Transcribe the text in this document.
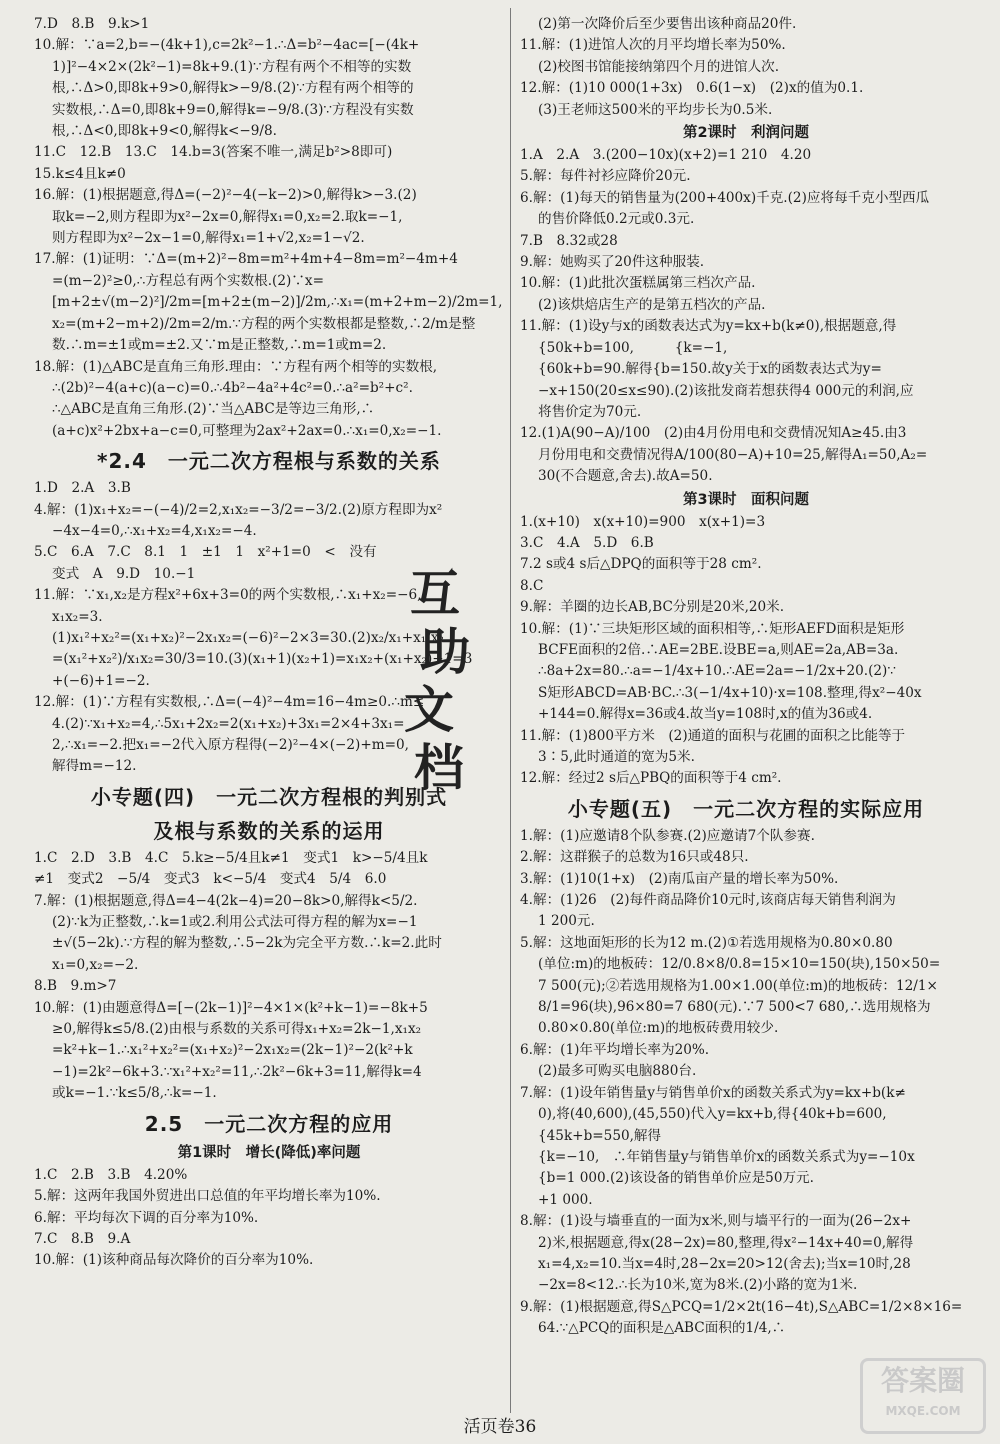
7.D　8.B　9.k>1
10.解：∵a=2,b=−(4k+1),c=2k²−1.∴Δ=b²−4ac=[−(4k+
1)]²−4×2×(2k²−1)=8k+9.(1)∵方程有两个不相等的实数
根,∴Δ>0,即8k+9>0,解得k>−9/8.(2)∵方程有两个相等的
实数根,∴Δ=0,即8k+9=0,解得k=−9/8.(3)∵方程没有实数
根,∴Δ<0,即8k+9<0,解得k<−9/8.
11.C　12.B　13.C　14.b=3(答案不唯一,满足b²>8即可)
15.k≤4且k≠0
16.解：(1)根据题意,得Δ=(−2)²−4(−k−2)>0,解得k>−3.(2)
取k=−2,则方程即为x²−2x=0,解得x₁=0,x₂=2.取k=−1,
则方程即为x²−2x−1=0,解得x₁=1+√2,x₂=1−√2.
17.解：(1)证明：∵Δ=(m+2)²−8m=m²+4m+4−8m=m²−4m+4
=(m−2)²≥0,∴方程总有两个实数根.(2)∵x=
[m+2±√(m−2)²]/2m=[m+2±(m−2)]/2m,∴x₁=(m+2+m−2)/2m=1,
x₂=(m+2−m+2)/2m=2/m.∵方程的两个实数根都是整数,∴2/m是整
数.∴m=±1或m=±2.又∵m是正整数,∴m=1或m=2.
18.解：(1)△ABC是直角三角形.理由：∵方程有两个相等的实数根,
∴(2b)²−4(a+c)(a−c)=0.∴4b²−4a²+4c²=0.∴a²=b²+c².
∴△ABC是直角三角形.(2)∵当△ABC是等边三角形,∴
(a+c)x²+2bx+a−c=0,可整理为2ax²+2ax=0.∴x₁=0,x₂=−1.
*2.4　一元二次方程根与系数的关系
1.D　2.A　3.B
4.解：(1)x₁+x₂=−(−4)/2=2,x₁x₂=−3/2=−3/2.(2)原方程即为x²
−4x−4=0,∴x₁+x₂=4,x₁x₂=−4.
5.C　6.A　7.C　8.1　1　±1　1　x²+1=0　<　没有
变式　A　9.D　10.−1
11.解：∵x₁,x₂是方程x²+6x+3=0的两个实数根,∴x₁+x₂=−6,
x₁x₂=3.
(1)x₁²+x₂²=(x₁+x₂)²−2x₁x₂=(−6)²−2×3=30.(2)x₂/x₁+x₁/x₂
=(x₁²+x₂²)/x₁x₂=30/3=10.(3)(x₁+1)(x₂+1)=x₁x₂+(x₁+x₂)+1=3
+(−6)+1=−2.
12.解：(1)∵方程有实数根,∴Δ=(−4)²−4m=16−4m≥0.∴m≤
4.(2)∵x₁+x₂=4,∴5x₁+2x₂=2(x₁+x₂)+3x₁=2×4+3x₁=
2,∴x₁=−2.把x₁=−2代入原方程得(−2)²−4×(−2)+m=0,
解得m=−12.
小专题(四)　一元二次方程根的判别式
及根与系数的关系的运用
1.C　2.D　3.B　4.C　5.k≥−5/4且k≠1　变式1　k>−5/4且k
≠1　变式2　−5/4　变式3　k<−5/4　变式4　5/4　6.0
7.解：(1)根据题意,得Δ=4−4(2k−4)=20−8k>0,解得k<5/2.
(2)∵k为正整数,∴k=1或2.利用公式法可得方程的解为x=−1
±√(5−2k).∵方程的解为整数,∴5−2k为完全平方数.∴k=2.此时
x₁=0,x₂=−2.
8.B　9.m>7
10.解：(1)由题意得Δ=[−(2k−1)]²−4×1×(k²+k−1)=−8k+5
≥0,解得k≤5/8.(2)由根与系数的关系可得x₁+x₂=2k−1,x₁x₂
=k²+k−1.∴x₁²+x₂²=(x₁+x₂)²−2x₁x₂=(2k−1)²−2(k²+k
−1)=2k²−6k+3.∵x₁²+x₂²=11,∴2k²−6k+3=11,解得k=4
或k=−1.∵k≤5/8,∴k=−1.
2.5　一元二次方程的应用
第1课时　增长(降低)率问题
1.C　2.B　3.B　4.20%
5.解：这两年我国外贸进出口总值的年平均增长率为10%.
6.解：平均每次下调的百分率为10%.
7.C　8.B　9.A
10.解：(1)该种商品每次降价的百分率为10%.
(2)第一次降价后至少要售出该种商品20件.
11.解：(1)进馆人次的月平均增长率为50%.
(2)校图书馆能接纳第四个月的进馆人次.
12.解：(1)10 000(1+3x)　0.6(1−x)　(2)x的值为0.1.
(3)王老师这500米的平均步长为0.5米.
第2课时　利润问题
1.A　2.A　3.(200−10x)(x+2)=1 210　4.20
5.解：每件衬衫应降价20元.
6.解：(1)每天的销售量为(200+400x)千克.(2)应将每千克小型西瓜
的售价降低0.2元或0.3元.
7.B　8.32或28
9.解：她购买了20件这种服装.
10.解：(1)此批次蛋糕属第三档次产品.
(2)该烘焙店生产的是第五档次的产品.
11.解：(1)设y与x的函数表达式为y=kx+b(k≠0),根据题意,得
{50k+b=100,　　　{k=−1,
{60k+b=90.解得{b=150.故y关于x的函数表达式为y=
−x+150(20≤x≤90).(2)该批发商若想获得4 000元的利润,应
将售价定为70元.
12.(1)A(90−A)/100　(2)由4月份用电和交费情况知A≥45.由3
月份用电和交费情况得A/100(80−A)+10=25,解得A₁=50,A₂=
30(不合题意,舍去).故A=50.
第3课时　面积问题
1.(x+10)　x(x+10)=900　x(x+1)=3
3.C　4.A　5.D　6.B
7.2 s或4 s后△DPQ的面积等于28 cm².
8.C
9.解：羊圈的边长AB,BC分别是20米,20米.
10.解：(1)∵三块矩形区域的面积相等,∴矩形AEFD面积是矩形
BCFE面积的2倍.∴AE=2BE.设BE=a,则AE=2a,AB=3a.
∴8a+2x=80.∴a=−1/4x+10.∴AE=2a=−1/2x+20.(2)∵
S矩形ABCD=AB·BC.∴3(−1/4x+10)·x=108.整理,得x²−40x
+144=0.解得x=36或4.故当y=108时,x的值为36或4.
11.解：(1)800平方米　(2)通道的面积与花圃的面积之比能等于
3∶5,此时通道的宽为5米.
12.解：经过2 s后△PBQ的面积等于4 cm².
小专题(五)　一元二次方程的实际应用
1.解：(1)应邀请8个队参赛.(2)应邀请7个队参赛.
2.解：这群猴子的总数为16只或48只.
3.解：(1)10(1+x)　(2)南瓜亩产量的增长率为50%.
4.解：(1)26　(2)每件商品降价10元时,该商店每天销售利润为
1 200元.
5.解：这地面矩形的长为12 m.(2)①若选用规格为0.80×0.80
(单位:m)的地板砖：12/0.8×8/0.8=15×10=150(块),150×50=
7 500(元);②若选用规格为1.00×1.00(单位:m)的地板砖：12/1×
8/1=96(块),96×80=7 680(元).∵7 500<7 680,∴选用规格为
0.80×0.80(单位:m)的地板砖费用较少.
6.解：(1)年平均增长率为20%.
(2)最多可购买电脑880台.
7.解：(1)设年销售量y与销售单价x的函数关系式为y=kx+b(k≠
0),将(40,600),(45,550)代入y=kx+b,得{40k+b=600,
{45k+b=550,解得
{k=−10,　∴年销售量y与销售单价x的函数关系式为y=−10x
{b=1 000.(2)该设备的销售单价应是50万元.
+1 000.
8.解：(1)设与墙垂直的一面为x米,则与墙平行的一面为(26−2x+
2)米,根据题意,得x(28−2x)=80,整理,得x²−14x+40=0,解得
x₁=4,x₂=10.当x=4时,28−2x=20>12(舍去);当x=10时,28
−2x=8<12.∴长为10米,宽为8米.(2)小路的宽为1米.
9.解：(1)根据题意,得S△PCQ=1/2×2t(16−4t),S△ABC=1/2×8×16=
64.∵△PCQ的面积是△ABC面积的1/4,∴
互
助
文
档
活页卷36
答案圈
MXQE.COM
